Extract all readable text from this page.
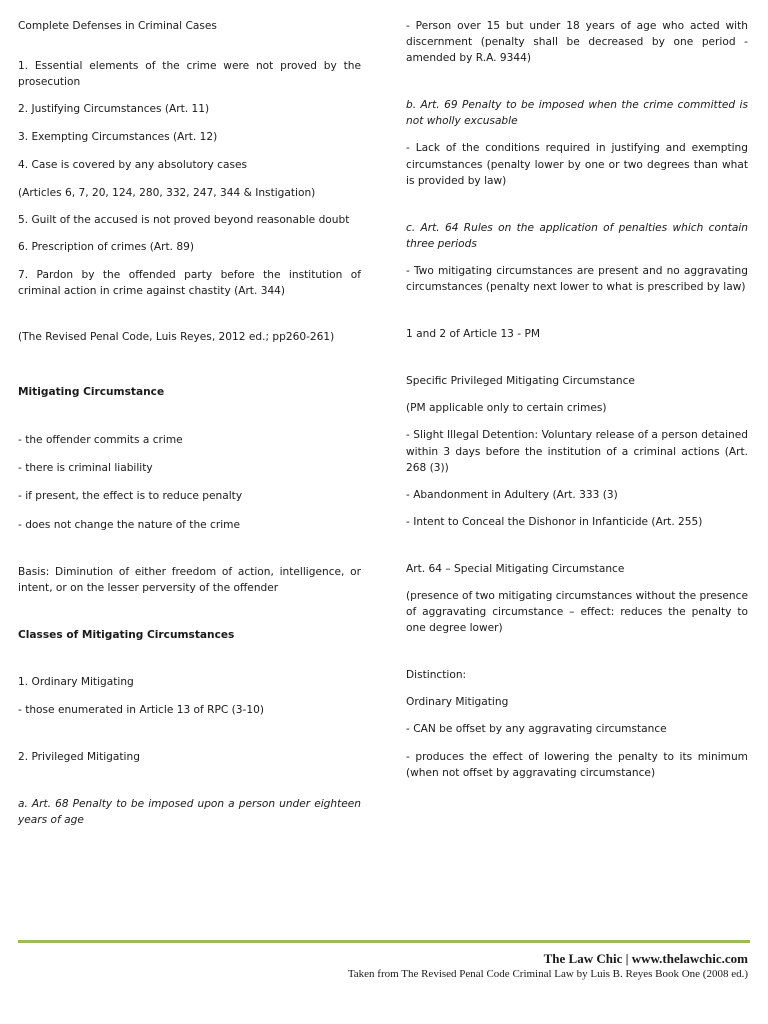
Complete Defenses in Criminal Cases

1. Essential elements of the crime were not proved by the prosecution

2. Justifying Circumstances (Art. 11)

3. Exempting Circumstances (Art. 12)

4. Case is covered by any absolutory cases

(Articles 6, 7, 20, 124, 280, 332, 247, 344 & Instigation)

5. Guilt of the accused is not proved beyond reasonable doubt

6. Prescription of crimes (Art. 89)

7. Pardon by the offended party before the institution of criminal action in crime against chastity (Art. 344)

(The Revised Penal Code, Luis Reyes, 2012 ed.; pp260-261)

Mitigating Circumstance

- the offender commits a crime

- there is criminal liability

- if present, the effect is to reduce penalty

- does not change the nature of the crime

Basis: Diminution of either freedom of action, intelligence, or intent, or on the lesser perversity of the offender

Classes of Mitigating Circumstances

1. Ordinary Mitigating

- those enumerated in Article 13 of RPC (3-10)

2. Privileged Mitigating

a. Art. 68 Penalty to be imposed upon a person under eighteen years of age

- Person over 15 but under 18 years of age who acted with discernment (penalty shall be decreased by one period - amended by R.A. 9344)

b. Art. 69 Penalty to be imposed when the crime committed is not wholly excusable

- Lack of the conditions required in justifying and exempting circumstances (penalty lower by one or two degrees than what is provided by law)

c. Art. 64 Rules on the application of penalties which contain three periods

- Two mitigating circumstances are present and no aggravating circumstances (penalty next lower to what is prescribed by law)

1 and 2 of Article 13 - PM

Specific Privileged Mitigating Circumstance

(PM applicable only to certain crimes)

- Slight Illegal Detention: Voluntary release of a person detained within 3 days before the institution of a criminal actions (Art. 268 (3))

- Abandonment in Adultery (Art. 333 (3)

- Intent to Conceal the Dishonor in Infanticide (Art. 255)

Art. 64 – Special Mitigating Circumstance

(presence of two mitigating circumstances without the presence of aggravating circumstance – effect: reduces the penalty to one degree lower)

Distinction:

Ordinary Mitigating

- CAN be offset by any aggravating circumstance

- produces the effect of lowering the penalty to its minimum (when not offset by aggravating circumstance)

The Law Chic | www.thelawchic.com
Taken from The Revised Penal Code Criminal Law by Luis B. Reyes Book One (2008 ed.)
